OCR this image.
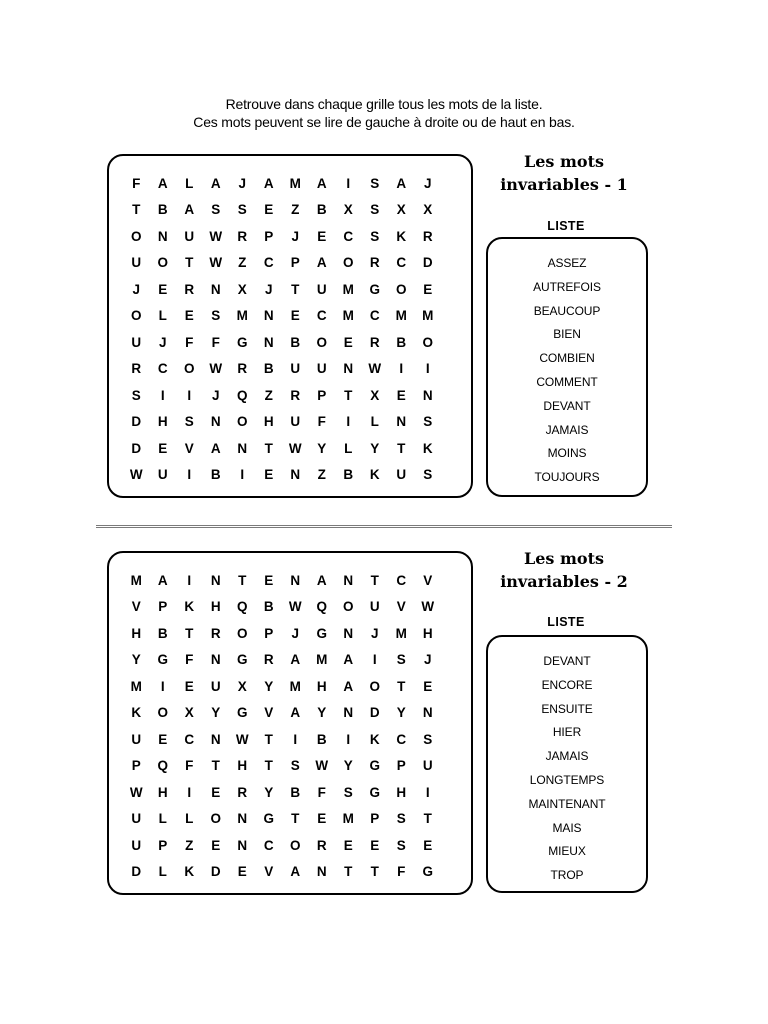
Retrouve dans chaque grille tous les mots de la liste.
Ces mots peuvent se lire de gauche à droite ou de haut en bas.
F	A	L	A	J	A	M	A	I	S	A	J
T	B	A	S	S	E	Z	B	X	S	X	X
O	N	U	W	R	P	J	E	C	S	K	R
U	O	T	W	Z	C	P	A	O	R	C	D
J	E	R	N	X	J	T	U	M	G	O	E
O	L	E	S	M	N	E	C	M	C	M	M
U	J	F	F	G	N	B	O	E	R	B	O
R	C	O	W	R	B	U	U	N	W	I	I
S	I	I	J	Q	Z	R	P	T	X	E	N
D	H	S	N	O	H	U	F	I	L	N	S
D	E	V	A	N	T	W	Y	L	Y	T	K
W	U	I	B	I	E	N	Z	B	K	U	S
Les mots
invariables - 1
LISTE
ASSEZ
AUTREFOIS
BEAUCOUP
BIEN
COMBIEN
COMMENT
DEVANT
JAMAIS
MOINS
TOUJOURS
M	A	I	N	T	E	N	A	N	T	C	V
V	P	K	H	Q	B	W	Q	O	U	V	W
H	B	T	R	O	P	J	G	N	J	M	H
Y	G	F	N	G	R	A	M	A	I	S	J
M	I	E	U	X	Y	M	H	A	O	T	E
K	O	X	Y	G	V	A	Y	N	D	Y	N
U	E	C	N	W	T	I	B	I	K	C	S
P	Q	F	T	H	T	S	W	Y	G	P	U
W	H	I	E	R	Y	B	F	S	G	H	I
U	L	L	O	N	G	T	E	M	P	S	T
U	P	Z	E	N	C	O	R	E	E	S	E
D	L	K	D	E	V	A	N	T	T	F	G
Les mots
invariables - 2
LISTE
DEVANT
ENCORE
ENSUITE
HIER
JAMAIS
LONGTEMPS
MAINTENANT
MAIS
MIEUX
TROP
